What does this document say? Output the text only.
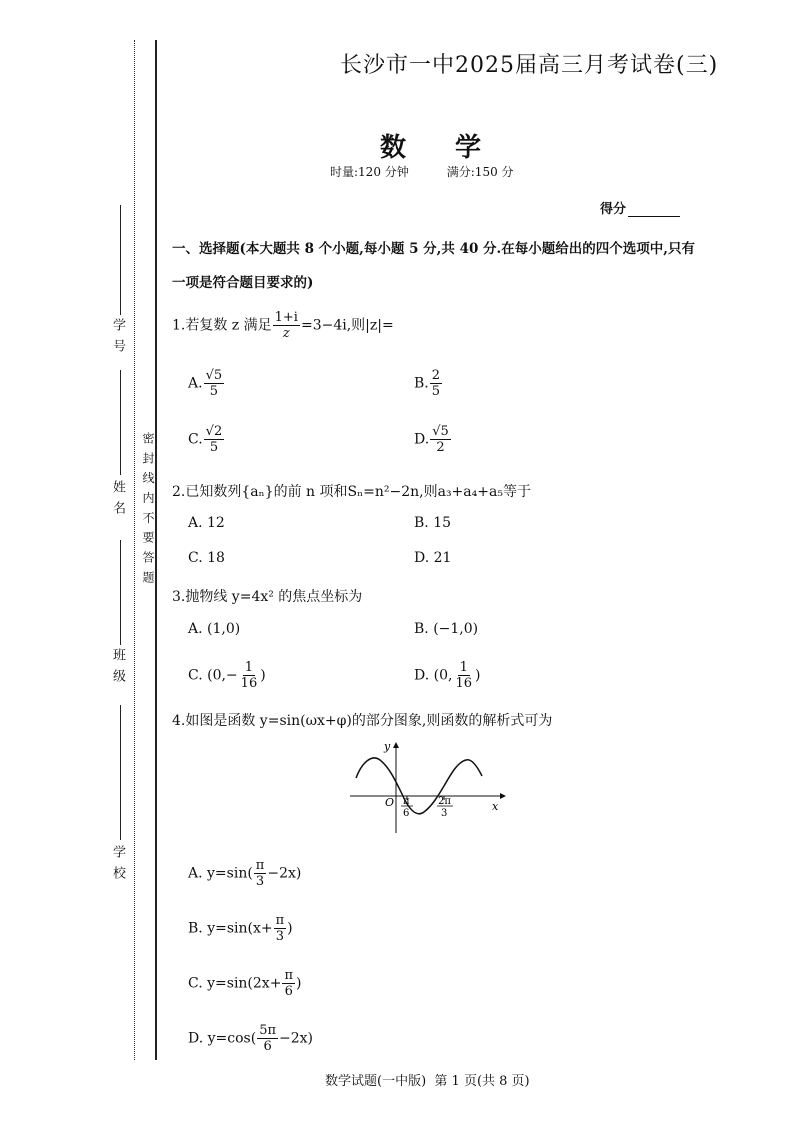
学 号
姓 名
班 级
学 校
密 封 线 内 不 要 答 题
长沙市一中2025届高三月考试卷(三)
数 学
时量:120 分钟	满分:150 分
得分
一、选择题(本大题共 8 个小题,每小题 5 分,共 40 分.在每小题给出的四个选项中,只有一项是符合题目要求的)
1.若复数 z 满足 $\frac{1+i}{z} =3-4i$,则|z|=
A. $\frac{√5}{5}$	B. $\frac{2}{5}$
C. $\frac{√2}{5}$	D. $\frac{√5}{2}$
2.已知数列{aₙ}的前 n 项和Sₙ=n²−2n,则a₃+a₄+a₅等于
A. 12	B. 15
C. 18	D. 21
3.抛物线 y=4x² 的焦点坐标为
A. (1,0)	B. (−1,0)
C. ($0,- \frac{1}{16}$ )	D. (0, $\frac{1}{16}$ )
4.如图是函数 y=sin(ωx+φ)的部分图象,则函数的解析式可为
y
x
O π
6
2π
3
A. $y=\sin( \frac{\pi}{3} -2x)$
B. $y=\sin(x+ \frac{\pi}{3}$ )
C. $y=\sin(2x+ \frac{\pi}{6}$ )
D. $y=\cos( \frac{5\pi}{6} -2x)$
数学试题(一中版)  第 1 页(共 8 页)
